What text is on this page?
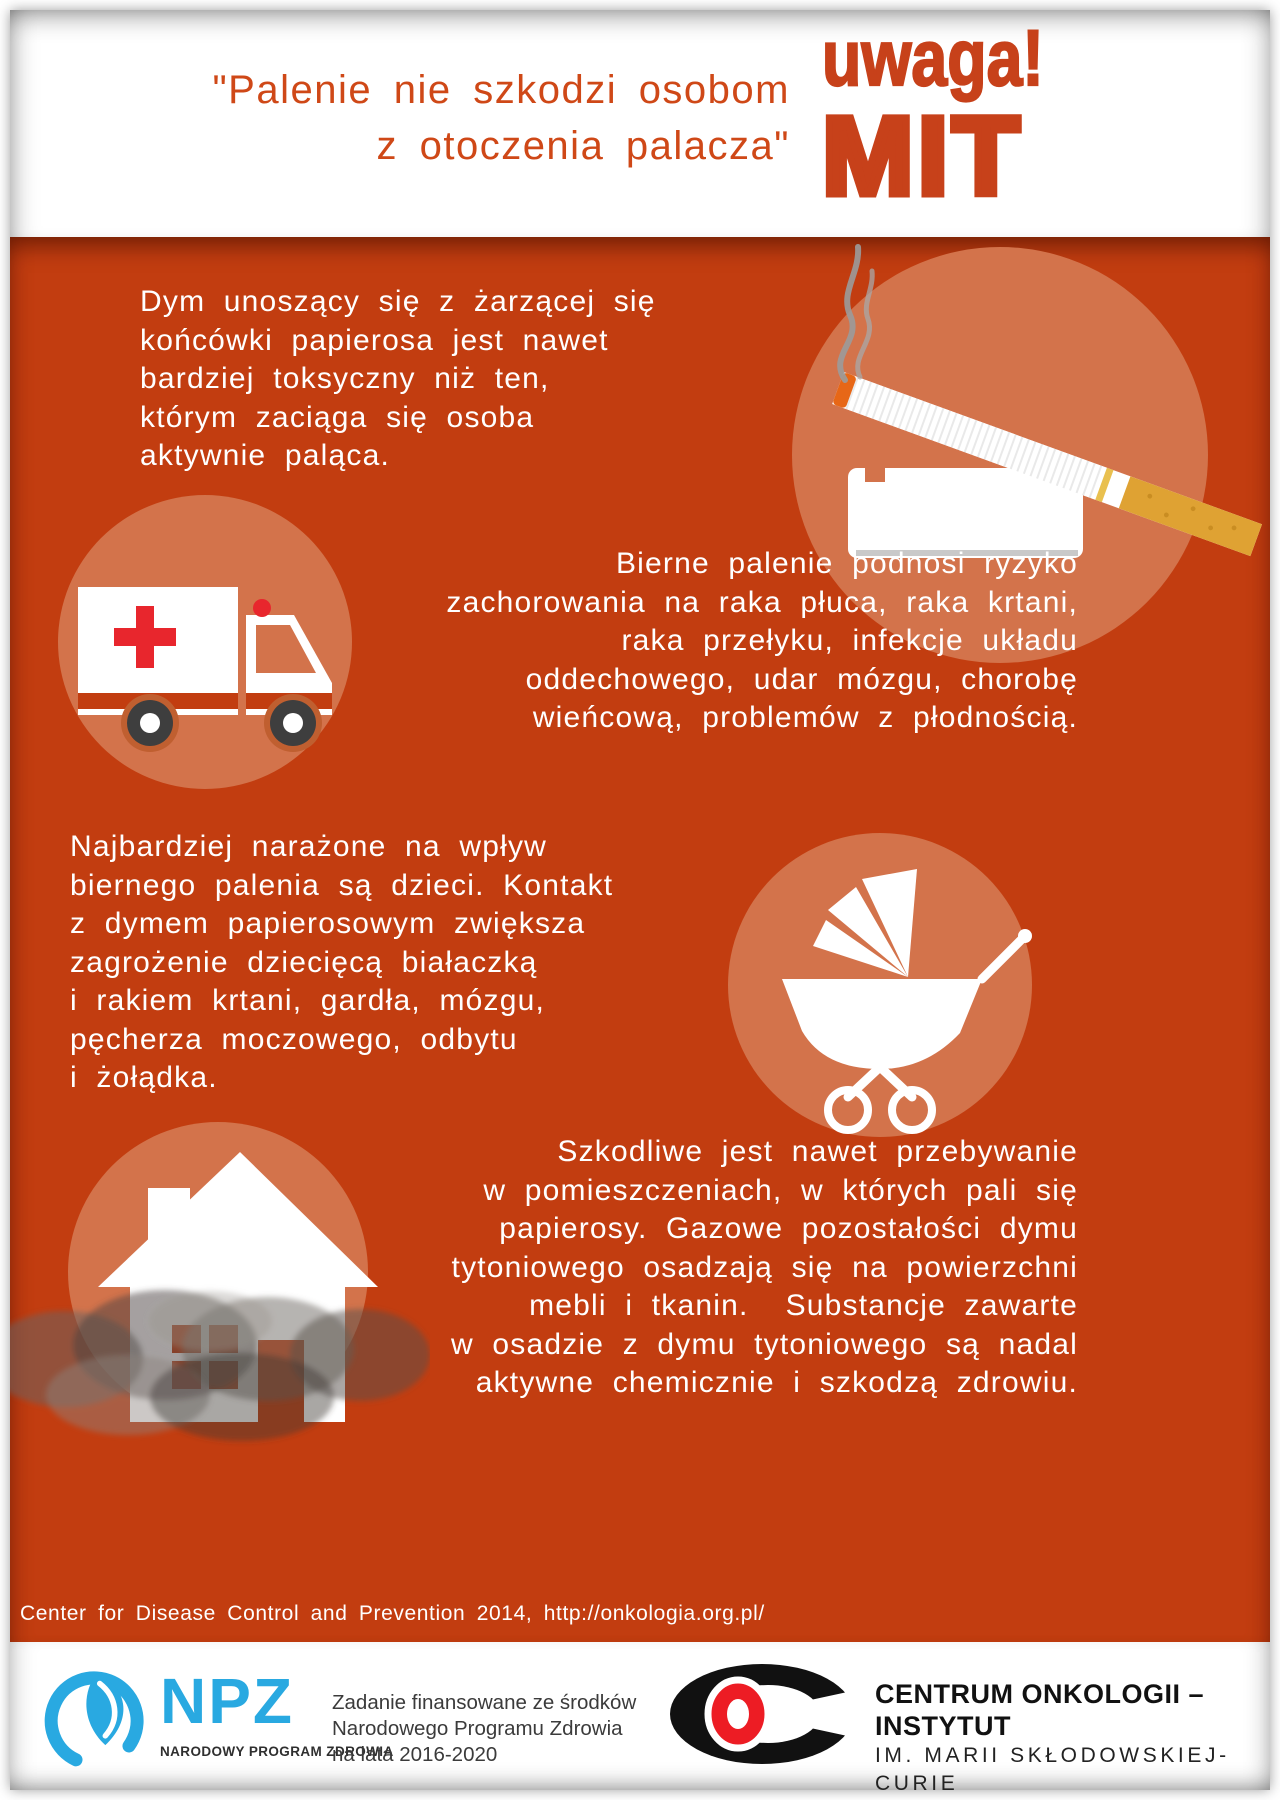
"Palenie nie szkodzi osobom
z otoczenia palacza"
uwaga!
MIT
Dym unoszący się z żarzącej się
końcówki papierosa jest nawet
bardziej toksyczny niż ten,
którym zaciąga się osoba
aktywnie paląca.
Bierne palenie podnosi ryzyko
zachorowania na raka płuca, raka krtani,
raka przełyku, infekcje układu
oddechowego, udar mózgu, chorobę
wieńcową, problemów z płodnością.
Najbardziej narażone na wpływ
biernego palenia są dzieci. Kontakt
z dymem papierosowym zwiększa
zagrożenie dziecięcą białaczką
i rakiem krtani, gardła, mózgu,
pęcherza moczowego, odbytu
i żołądka.
Szkodliwe jest nawet przebywanie
w pomieszczeniach, w których pali się
papierosy. Gazowe pozostałości dymu
tytoniowego osadzają się na powierzchni
mebli i tkanin.  Substancje zawarte
w osadzie z dymu tytoniowego są nadal
aktywne chemicznie i szkodzą zdrowiu.
Center for Disease Control and Prevention 2014, http://onkologia.org.pl/
NPZ
NARODOWY PROGRAM ZDROWIA
Zadanie finansowane ze środków
Narodowego Programu Zdrowia
na lata 2016-2020
CENTRUM ONKOLOGII – INSTYTUT
IM. MARII SKŁODOWSKIEJ-CURIE
